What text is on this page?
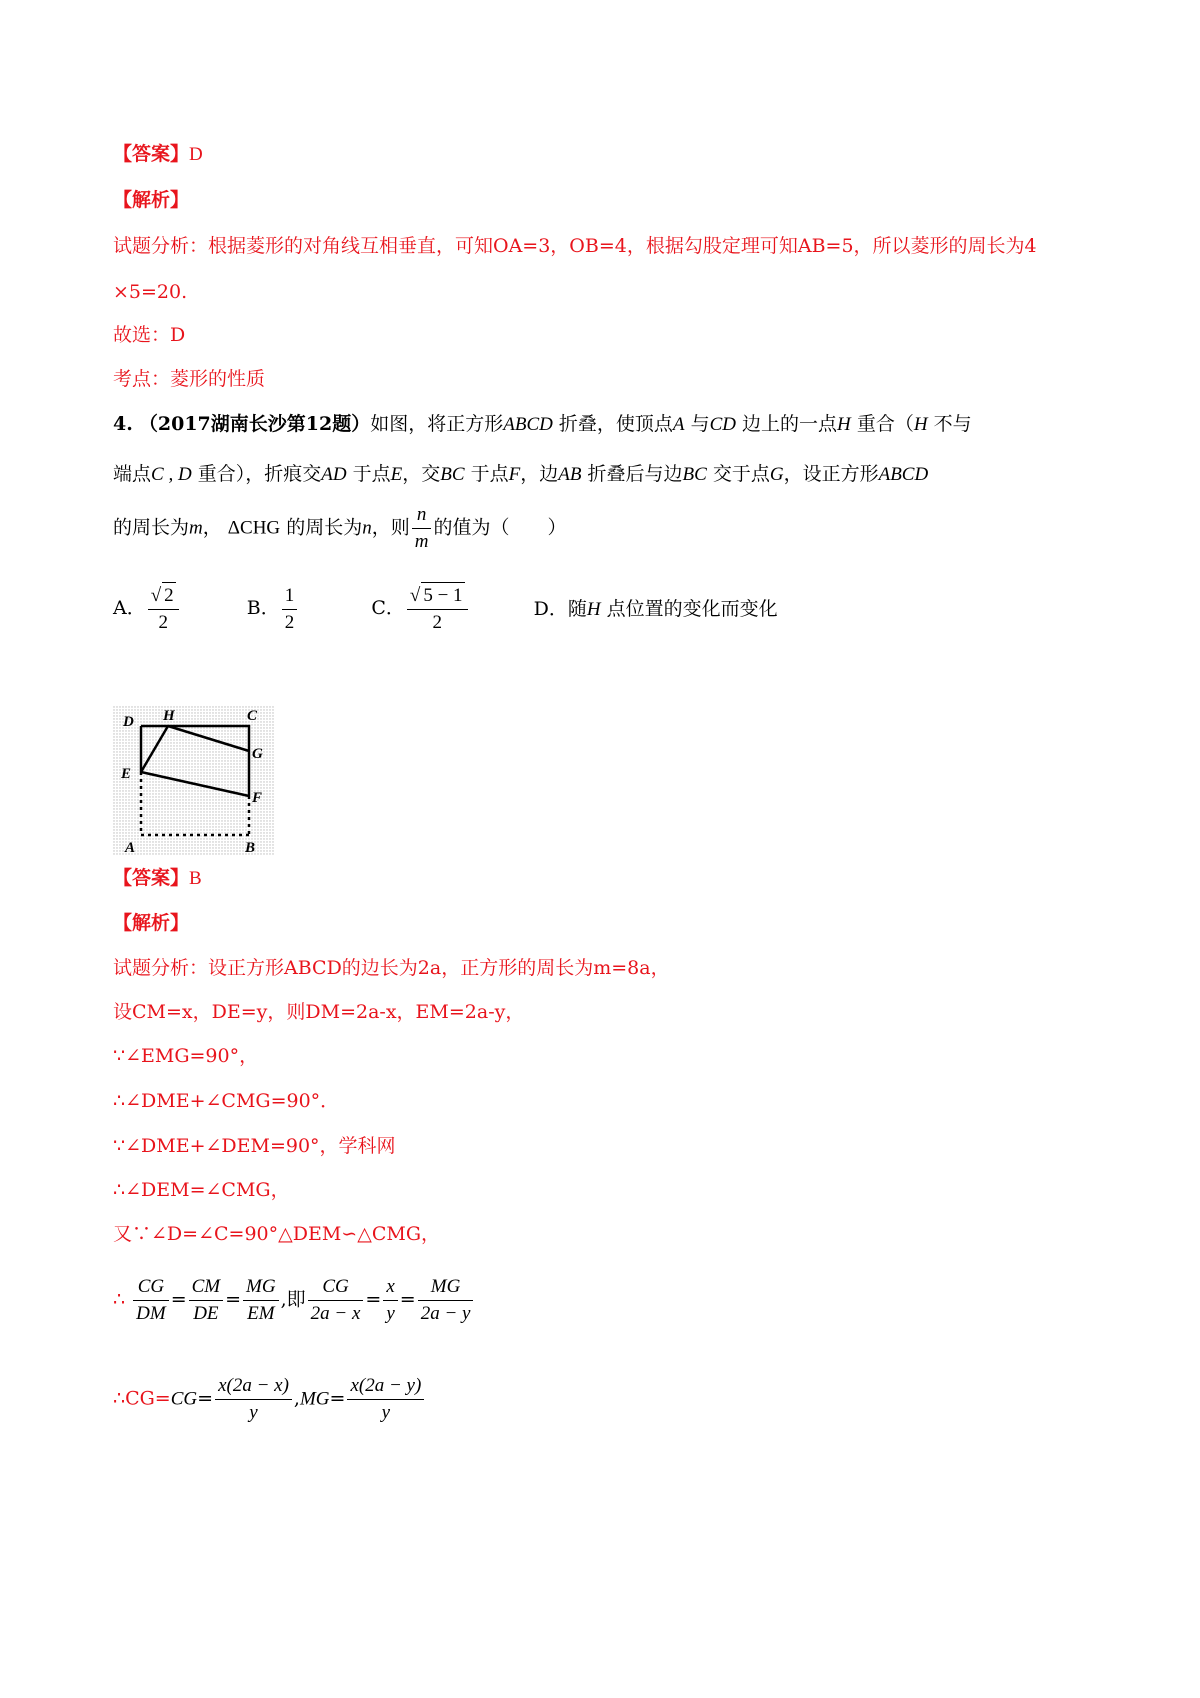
【答案】D
【解析】
试题分析：根据菱形的对角线互相垂直，可知OA=3，OB=4，根据勾股定理可知AB=5，所以菱形的周长为4
×5=20.
故选：D
考点：菱形的性质
4. （2017湖南长沙第12题）如图，将正方形ABCD 折叠，使顶点A 与CD 边上的一点H 重合（H 不与
端点C , D 重合），折痕交AD 于点E，交BC 于点F，边AB 折叠后与边BC 交于点G，设正方形ABCD
的周长为m， ΔCHG 的周长为n，则 $\frac{n}{m}$ 的值为（　　）
A． $\frac{√ 2}{2}$	B． $\frac{1}{2}$	C． $\frac{√ 5 - 1}{2}$	D．随H 点位置的变化而变化
D H	C
G
E
F
A	B
【答案】B
【解析】
试题分析：设正方形ABCD的边长为2a，正方形的周长为m=8a，
设CM=x，DE=y，则DM=2a-x，EM=2a-y，
∵∠EMG=90°，
∴∠DME+∠CMG=90°．
∵∠DME+∠DEM=90°，学科网
∴∠DEM=∠CMG，
又∵∠D=∠C=90°△DEM∽△CMG，
∴ $\frac{CG}{DM} = \frac{CM}{DE} = \frac{MG}{EM}$ ,即 $\frac{CG}{2a - x} = \frac{x}{y} = \frac{MG}{2a - y}$
∴CG=CG= $\frac{x(2a - x)}{y} ,MG= \frac{x(2a - y)}{y}$
